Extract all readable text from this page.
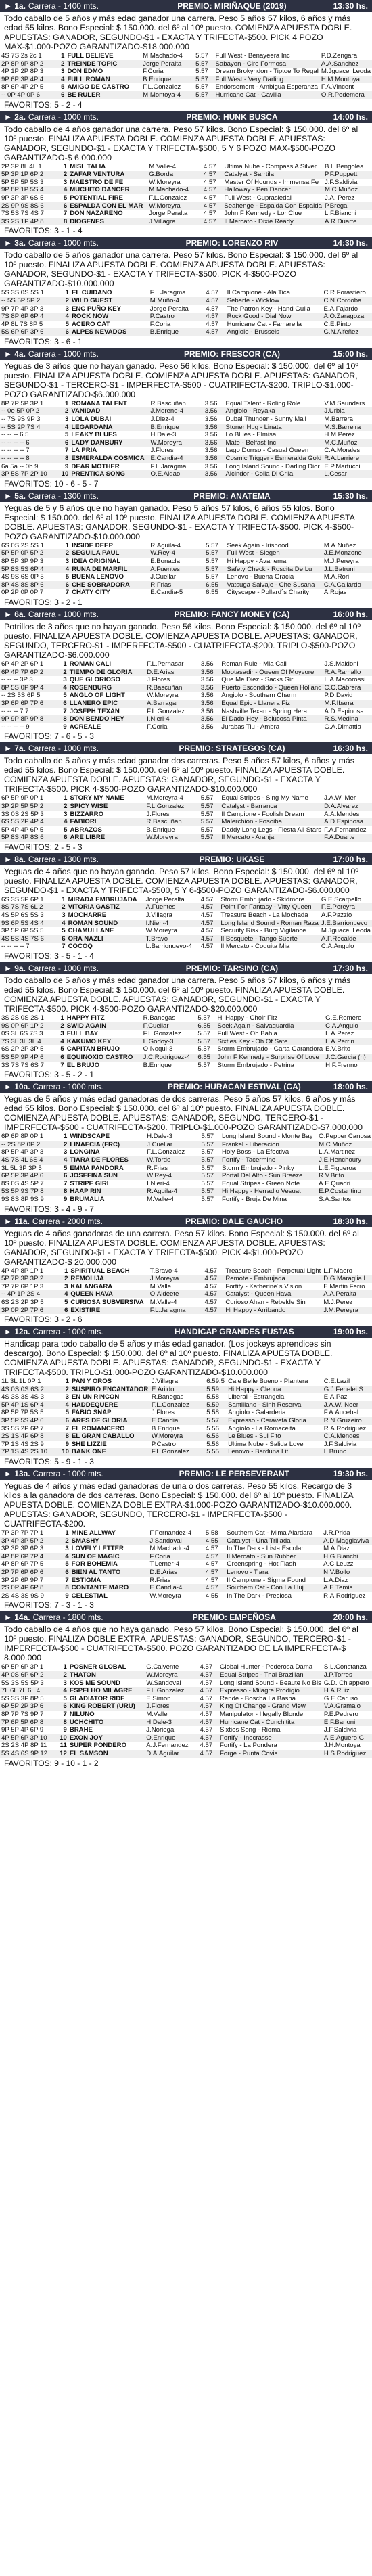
► 1a. Carrera - 1400 mts.	PREMIO: MIRIÑAQUE (2019)	13:30 hs.
Todo caballo de 5 años y más edad ganador una carrera. Peso 5 años 57 kilos, 6 años y más edad 55 kilos. Bono Especial: $ 150.000. del 6º al 10º puesto. COMIENZA APUESTA DOBLE. APUESTAS: GANADOR, SEGUNDO-$1 - EXACTA Y TRIFECTA-$500. PICK 4 POZO MAX-$1.000-POZO GARANTIZADO-$18.000.000
4S 7S 2s 2c 1	1	FULL BELIEVE	M.Machado-4	5.57	Full West - Benayeera Inc	P.D.Zengara
2P 8P 9P 8P 2	2	TREINDE TOPIC	Jorge Peralta	5.57	Sabayon - Cire Formosa	A.A.Sanchez
4P 1P 2P 8P 3	3	DON EDMO	F.Coria	5.57	Dream Brokyndon - Tiptoe To Regal	M.Jguacel Leoda
9P 6P 3P 4P 4	4	FULL ROMAN	B.Enrique	5.57	Full West - Very Darling	H.M.Montoya
8P 6P 4P 2P 5	5	AMIGO DE CASTRO	F.L.Gonzalez	5.57	Endorsement - Ambigua Esperanza	F.A.Vincent
-- 0P 4P 0P 6	6	BE RULER	M.Montoya-4	5.57	Hurricane Cat - Gavilla	O.R.Pedemera
FAVORITOS: 5 - 2 - 4
► 2a. Carrera - 1000 mts.	PREMIO: HUNK BUSCA	14:00 hs.
Todo caballo de 4 años ganador una carrera. Peso 57 kilos. Bono Especial: $ 150.000. del 6º al 10º puesto. FINALIZA APUESTA DOBLE. COMIENZA APUESTA DOBLE. APUESTAS: GANADOR, SEGUNDO-$1 - EXACTA Y TRIFECTA-$500, 5 Y 6 POZO MAX-$500-POZO GARANTIZADO-$ 6.000.000
2P 3P 8L 4L 1	1	MISL TALIA	M.Valle-4	4.57	Ultima Nube - Compass A Silver	B.L.Bengolea
5P 3P 1P 6P 2	2	ZAFAR VENTURA	G.Borda	4.57	Catalyst - Sarrtila	P.F.Puppetti
5P 5P 5P 5S 3	3	MAESTRO DE FE	W.Moreyra	4.57	Master Of Hounds - Immensa Fe	J.F.Saldivia
9P 8P 1P 5S 4	4	MUCHITO DANCER	M.Machado-4	4.57	Halloway - Pen Dancer	M.C.Muñoz
9P 3P 3P 6S 5	5	POTENTIAL FIRE	F.L.Gonzalez	4.57	Full West - Cuprasiedal	J.A. Perez
2S 9P 9S 8S 6	6	ESPALDA CON EL MAR	W.Moreyra	4.57	Seahenge - Espalda Con Espalda	P.Brega
7S 5S 7S 4S 7	7	DON NAZARENO	Jorge Peralta	4.57	John F Kennedy - Lor Clue	L.F.Bianchi
3S 2S 1P 4P 8	8	DIOGENES	J.Villagra	4.57	Il Mercato - Dixie Ready	A.R.Duarte
FAVORITOS: 3 - 1 - 4
► 3a. Carrera - 1000 mts.	PREMIO: LORENZO RIV	14:30 hs.
Todo caballo de 5 años ganador una carrera. Peso 57 kilos. Bono Especial: $ 150.000. del 6º al 10º puesto. FINALIZA APUESTA DOBLE. COMIENZA APUESTA DOBLE. APUESTAS: GANADOR, SEGUNDO-$1 - EXACTA Y TRIFECTA-$500. PICK 4-$500-POZO GARANTIZADO-$10.000.000
5S 3S 0S 5S 1	1	EL CUIDANO	F.L.Jaragma	4.57	Il Campione - Ala Tica	C.R.Forastiero
-- 5S 5P 5P 2	2	WILD GUEST	M.Muño-4	4.57	Sebarte - Wicklow	C.N.Cordoba
9P 7P 4P 3P 3	3	ENC PUÑO KEY	Jorge Peralta	4.57	The Patron Key - Hand Gulla	E.A.Fajardo
7S 8P 6P 6P 4	4	ROCK NOW	P.Castro	4.57	Rock Good - Dial Now	A.O.Zaragoza
4P 8L 7S 8P 5	5	ACERO CAT	F.Coria	4.57	Hurricane Cat - Famarella	C.E.Pinto
5S 6P 6P 3P 6	6	ALPES NEVADOS	B.Enrique	4.57	Angiolo - Brussels	G.N.Alfeñez
FAVORITOS: 3 - 6 - 1
► 4a. Carrera - 1000 mts.	PREMIO: FRESCOR (CA)	15:00 hs.
Yeguas de 3 años que no hayan ganado. Peso 56 kilos. Bono Especial: $ 150.000. del 6º al 10º puesto. FINALIZA APUESTA DOBLE. COMIENZA APUESTA DOBLE. APUESTAS: GANADOR, SEGUNDO-$1 - TERCERO-$1 - IMPERFECTA-$500 - CUATRIFECTA-$200. TRIPLO-$1.000-POZO GARANTIZADO-$6.000.000
8P 7P 5P 3P 1	1	ROMANA TALENT	R.Bascuñan	3.56	Equal Talent - Roling Role	V.M.Saunders
-- 0e 5P 0P 2	2	VANIDAD	J.Moreno-4	3.56	Angiolo - Reyaka	J.Urbia
-- 7S 9S 9P 3	3	LOLA DUBAI	J.Diez-4	3.56	Dubai Thunder - Sunny Mail	M.Barrera
-- 5S 2P 7S 4	4	LEGARDANA	B.Enrique	3.56	Stoner Hug - Linata	M.S.Barreira
-- -- -- 6 5	5	LEAKY BLUES	H.Dale-3	3.56	Lo Blues - Elmisa	H.M.Perez
-- -- -- -- 6	6	LADY DANBURY	W.Moreyra	3.56	Mate - Belfast Inc	M.C.Muñoz
-- -- -- -- 7	7	LA PRIA	J.Flores	3.56	Lago Dorrso - Casual Queen	C.A.Morales
-- -- -- -- 8	8	ESMERALDA COSMICA	E.Candia-4	3.56	Cosmic Trigger - Esmeralda Gold	R.A.Larriere
6a 5a -- 0b 9	9	DEAR MOTHER	F.L.Jaragma	3.56	Long Island Sound - Darling Dior	E.P.Martucci
3P 5S 7P 2P 10	10	PRENTICA SONG	O.E.Aldao	3.56	Alcindor - Colla Di Grila	L.Cesar
FAVORITOS: 10 - 6 - 5 - 7
► 5a. Carrera - 1300 mts.	PREMIO: ANATEMA	15:30 hs.
Yeguas de 5 y 6 años que no hayan ganado. Peso 5 años 57 kilos, 6 años 55 kilos. Bono Especial: $ 150.000. del 6º al 10º puesto. FINALIZA APUESTA DOBLE. COMIENZA APUESTA DOBLE. APUESTAS: GANADOR, SEGUNDO-$1 - EXACTA Y TRIFECTA-$500. PICK 4-$500-POZO GARANTIZADO-$10.000.000
6S 0S 2S 5S 1	1	INSIDE DEEP	R.Aguila-4	5.57	Seek Again - Irishood	M.A.Nuñez
5P 5P 0P 5P 2	2	SEGUILA PAUL	W.Rey-4	5.57	Full West - Siegen	J.E.Monzone
8P 5P 3P 9P 3	3	IDEA ORIGINAL	E.Bonacla	5.57	Hi Happy - Avanema	M.J.Pereyra
5P 8S 5S 6P 4	4	RUNA DE MARFIL	A.Fuentes	5.57	Safety Check - Roscita De Lu	J.L.Batruni
4S 9S 6S 0P 5	5	BUENA LENOVO	J.Cuellar	5.57	Lenovo - Buena Gracia	M.A.Rori
8P 4S 8S 8P 6	6	CHE SOBRADORA	R.Frias	6.55	Vatsuga Salvaje - Che Susana	C.A.Gallardo
0P 2P 0P 0P 7	7	CHATY CITY	E.Candia-5	6.55	Cityscape - Pollard´s Charity	A.Rojas
FAVORITOS: 3 - 2 - 1
► 6a. Carrera - 1000 mts.	PREMIO: FANCY MONEY (CA)	16:00 hs.
Potrillos de 3 años que no hayan ganado. Peso 56 kilos. Bono Especial: $ 150.000. del 6º al 10º puesto. FINALIZA APUESTA DOBLE. COMIENZA APUESTA DOBLE. APUESTAS: GANADOR, SEGUNDO, TERCERO-$1 - IMPERFECTA-$500 - CUATRIFECTA-$200. TRIPLO-$500-POZO GARANTIZADO-$6.000.000
6P 4P 2P 6P 1	1	ROMAN CALI	F.L.Pernasar	3.56	Roman Rule - Mia Cali	J.S.Maldoni
6P 4P 7P 6P 2	2	TIEMPO DE GLORIA	D.E.Arias	3.56	Mootasadir - Queen Of Moyvore	R.A.Ramallo
-- -- -- 3P 3	3	QUE GLORIOSO	J.Flores	3.56	Que Me Diez - Sacks Girl	L.A.Macorossi
8P 5S 0P 9P 4	4	ROSENBURG	R.Bascuñan	3.56	Puerto Escondido - Queen Holland	C.C.Cabrera
-- 2S 5S 6P 5	5	ANGLO OF LIGHT	W.Moreyra	3.56	Angiolo - Southern Charm	P.D.David
3P 6P 6P 7P 6	6	LLANERO EPIC	A.Barragan	3.56	Equal Epic - Llanera Fiz	M.F.Ibarra
-- -- -- 7 7	7	JOSEPH TEXAN	F.L.Gonzalez	3.56	Nashville Texan - Spring Hera	A.D.Espinosa
9P 9P 8P 9P 8	8	DON BENDO HEY	I.Nieri-4	3.56	El Dado Hey - Bolucosa Pinta	R.S.Medina
-- -- -- -- 9	9	ACREALE	F.Coria	3.56	Jurabas Tiu - Ambra	G.A.Dimattia
FAVORITOS: 7 - 6 - 5 - 3
► 7a. Carrera - 1000 mts.	PREMIO: STRATEGOS (CA)	16:30 hs.
Todo caballo de 5 años y más edad ganador dos carreras. Peso 5 años 57 kilos, 6 años y más edad 55 kilos. Bono Especial: $ 150.000. del 6º al 10º puesto. FINALIZA APUESTA DOBLE. COMIENZA APUESTA DOBLE. APUESTAS: GANADOR, SEGUNDO-$1 - EXACTA Y TRIFECTA-$500. PICK 4-$500-POZO GARANTIZADO-$10.000.000
6P 5P 9P 0P 1	1	STORY MY NAME	M.Moreyra-4	5.57	Equal Stripes - Sing My Name	J.A.W. Mer
3P 2P 5P 5P 2	2	SPICY WISE	F.L.Gonzalez	5.57	Catalyst - Barranca	D.A.Alvarez
3S 0S 2S 5P 3	3	BIZZARRO	J.Flores	5.57	Il Campione - Foolish Dream	A.A.Mendes
6S 5S 2P 4P 4	4	FABIORI	R.Bascuñan	5.57	Malerchion - Fosoiba	A.D.Espinosa
5P 4P 4P 6P 5	5	ABRAZOS	B.Enrique	5.57	Daddy Long Legs - Fiesta All Stars	F.A.Fernandez
5P 8S 4P 8S 6	6	ARE LIBRE	W.Moreyra	5.57	Il Mercato - Aranja	F.A.Duarte
FAVORITOS: 2 - 5 - 3
► 8a. Carrera - 1300 mts.	PREMIO: UKASE	17:00 hs.
Yeguas de 4 años que no hayan ganado. Peso 57 kilos. Bono Especial: $ 150.000. del 6º al 10º puesto. FINALIZA APUESTA DOBLE. COMIENZA APUESTA DOBLE. APUESTAS: GANADOR, SEGUNDO-$1 - EXACTA Y TRIFECTA-$500, 5 Y 6-$500-POZO GARANTIZADO-$6.000.000
6S 3S 5P 6P 1	1	MIRADA EMBRUJADA	Jorge Peralta	4.57	Storm Embrujado - Skidmore	G.E.Scarpello
8S 7S 7S 6L 2	2	VITORIA GASTIZ	A.Fuentes	4.57	Point For Fantasy - Vitty Queen	F.E.Pereyra
4S 5P 6S 5S 3	3	MOCHARRE	J.Villagra	4.57	Treasure Beach - La Mochada	A.F.Pazzio
9S 6P 5S 4S 4	4	ROMAN SOUND	I.Nieri-4	4.57	Long Island Sound - Roman Raza	J.E.Barrionuevo
3P 5P 6P 5S 5	5	CHAMULLANE	W.Moreyra	4.57	Security Risk - Burg Vigilance	M.Jguacel Leoda
4S 5S 4S 7S 6	6	ORA NAZLI	T.Bravo	4.57	Il Bosquete - Tango Suerte	A.F.Recalde
-- -- -- -- 7	7	COCOQ	L.Barrionuevo-4	4.57	Il Mercato - Coquita Mia	C.A.Angulo
FAVORITOS: 3 - 5 - 1 - 4
► 9a. Carrera - 1000 mts.	PREMIO: TARSINO (CA)	17:30 hs.
Todo caballo de 5 años y más edad ganador una carrera. Peso 5 años 57 kilos, 6 años y más edad 55 kilos. Bono Especial: $ 150.000. del 6º al 10º puesto. FINALIZA APUESTA DOBLE. COMIENZA APUESTA DOBLE. APUESTAS: GANADOR, SEGUNDO-$1 - EXACTA Y TRIFECTA-$500. PICK 4-$500-POZO GARANTIZADO-$20.000.000
3S 2S 0S 2S 1	1	HAPPY FITZ	R.Banegas	5.57	Hi Happy - Choir Fitz	G.E.Romero
9S 0P 6P 1P 2	2	SWID AGAIN	F.Cuellar	6.55	Seek Again - Salvaguardia	C.A.Angulo
0S 3L 6S 7S 3	3	FULL BAY	F.L.Gonzalez	5.57	Full West - Oh Bahia	L.A.Perez
7S 3L 3L 3L 4	4	KAKUMO KEY	L.Godoy-3	5.57	Sixties Key - Oh Of Sate	L.A.Perrin
6S 2P 2P 3P 5	5	CAPITAN BRUJO	O.Noqui-3	5.57	Storm Embrujado - Garta Garandora	E.V.Brito
5S 5P 9P 4P 6	6	EQUINOXIO CASTRO	J.C.Rodriguez-4	6.55	John F Kennedy - Surprise Of Love	J.C.Garcia (h)
3S 7S 7S 6S 7	7	EL BRUJO	B.Enrique	5.57	Storm Embrujado - Petrina	H.F.Frenno
FAVORITOS: 3 - 5 - 2 - 1
► 10a. Carrera - 1000 mts.	PREMIO: HURACAN ESTIVAL (CA)	18:00 hs.
Yeguas de 5 años y más edad ganadoras de dos carreras. Peso 5 años 57 kilos, 6 años y más edad 55 kilos. Bono Especial: $ 150.000. del 6º al 10º puesto. FINALIZA APUESTA DOBLE. COMIENZA APUESTA DOBLE. APUESTAS: GANADOR, SEGUNDO, TERCERO-$1 - IMPERFECTA-$500 - CUATRIFECTA-$200. TRIPLO-$1.000-POZO GARANTIZADO-$7.000.000
6P 6P 8P 0P 1	1	WINDSCAPE	H.Dale-3	5.57	Long Island Sound - Monte Bay	O.Pepper Canosa
-- 2S 8P 0P 2	2	LINAECIA (FRC)	J.Cuellar	5.57	Frankel - Liberacion	M.C.Muñoz
8P 5P 4P 3P 3	3	LONGINA	F.L.Gonzalez	5.57	Holy Boss - La Efectiva	L.A.Martinez
4S 7S 4L 6S 4	4	TIARA DE FLORES	W.Tordo	5.57	Fortify - Tacermine	J.E.Henchoury
3L 5L 3P 3P 5	5	EMMA PANDORA	R.Frias	5.57	Storm Embrujado - Pinky	L.E.Figueroa
6P 5P 3P 4P 6	6	JOSEFINA SUN	W.Rey-4	5.57	Portal Del Alto - Sun Breeze	R.V.Brito
8S 0S 4S 5P 7	7	STRIPE GIRL	I.Nieri-4	5.57	Equal Stripes - Green Note	A.E.Quadri
5S 5P 9S 7P 8	8	HAAP RIN	R.Aguila-4	5.57	Hi Happy - Herradio Vesuat	E.P.Costantino
9S 8S 8P 9S 9	9	BRUMALIA	M.Valle-4	5.57	Fortify - Bruja De Mina	S.A.Santos
FAVORITOS: 3 - 4 - 9 - 7
► 11a. Carrera - 2000 mts.	PREMIO: DALE GAUCHO	18:30 hs.
Yeguas de 4 años ganadoras de una carrera. Peso 57 kilos. Bono Especial: $ 150.000. del 6º al 10º puesto. FINALIZA APUESTA DOBLE. COMIENZA APUESTA DOBLE. APUESTAS: GANADOR, SEGUNDO-$1 - EXACTA Y TRIFECTA-$500. PICK 4-$1.000-POZO GARANTIZADO-$ 20.000.000
4P 4P 8P 1P 1	1	SPIRITUAL BEACH	T.Bravo-4	4.57	Treasure Beach - Perpetual Light	L.F.Maero
5P 7P 3P 3P 2	2	REMOLIJA	J.Moreyra	4.57	Remote - Embrujada	D.G.Maraglia L.
7P 7P 6P 1P 3	3	KALANGARA	M.Valle	4.57	Fortify - Katherine´s Vision	E.Martin Ferro
-- 4P 1P 2S 4	4	QUEEN HAVA	O.Aldeete	4.57	Catalyst - Queen Hava	A.A.Peralta
6S 2S 2P 3P 5	5	CURIOSA SUBVERSIVA	M.Valle-4	4.57	Curioso Ahan - Rebelde Sin	M.J.Perez
3P 0P 2P 7P 6	6	EXISTIRE	F.L.Jaragma	4.57	Hi Happy - Arribando	J.M.Pereyra
FAVORITOS: 3 - 2 - 6
► 12a. Carrera - 1000 mts.	HANDICAP GRANDES FUSTAS	19:00 hs.
Handicap para todo caballo de 5 años y más edad ganador. (Los jockeys aprendices sin descargo). Bono Especial: $ 150.000. del 6º al 10º puesto. FINALIZA APUESTA DOBLE. COMIENZA APUESTA DOBLE. APUESTAS: GANADOR, SEGUNDO-$1 - EXACTA Y TRIFECTA-$500. TRIPLO-$1.000-POZO GARANTIZADO-$10.000.000
1L 3L 1L 0P 1	1	PAN Y OROS	J.Villagra	6.59.5	Cale Belle Bueno - Plantera	C.E.Lazil
4S 0S 0S 6S 2	2	SUSPIRO ENCANTADOR	E.Ariido	5.59	Hi Happy - Cleona	G.J.Fenelei S.
4S 3S 3S 4S 3	3	EN UN RINCON	R.Banegas	5.58	Liberal - Estrangela	E.A.Paz
5P 4P 1S 6P 4	4	HADDEQUERE	F.L.Gonzalez	5.59	Santillano - Sinh Reserva	J.A.W. Neer
8P 5P 7P 5S 5	5	FABIO SNAP	J.Flores	5.58	Angiolo - Galarderia	F.A.Aucebal
3P 5P 5S 4P 6	6	ARES DE GLORIA	E.Candia	5.57	Expresso - Ceraveta Gloria	R.N.Gruzeiro
3S 5S 2P 6P 7	7	EL ROMANCERO	B.Enrique	5.56	Angiolo - La Romaceita	R.A.Rodriguez
2S 1S 4P 6P 8	8	EL GRAN CABALLO	W.Moreyra	6.56	Le Blues - Sul Fito	C.A.Mendes
7P 1S 4S 2S 9	9	SHE LIZZIE	P.Castro	5.56	Ultima Nube - Salida Love	J.F.Saldivia
7P 1S 4S 2S 10	10	BANK ONE	F.L.Gonzalez	5.55	Lenovo - Barduna Lit	L.Bruno
FAVORITOS: 5 - 9 - 1 - 3
► 13a. Carrera - 1000 mts.	PREMIO: LE PERSEVERANT	19:30 hs.
Yeguas de 4 años y más edad ganadoras de una o dos carreras. Peso 55 kilos. Recargo de 3 kilos a la ganadora de dos carreras. Bono Especial: $ 150.000. del 6º al 10º puesto. FINALIZA APUESTA DOBLE. COMIENZA DOBLE EXTRA-$1.000-POZO GARANTIZADO-$10.000.000. APUESTAS: GANADOR, SEGUNDO, TERCERO-$1 - IMPERFECTA-$500 - CUATRIFECTA-$200.
7P 3P 7P 7P 1	1	MINE ALLWAY	F.Fernandez-4	5.58	Southern Cat - Mima Alardara	J.R.Prida
3P 4P 3P 5P 2	2	SMASHY	J.Sandoval	4.55	Catalyst - Una Trillada	A.D.Maggiaviva
3P 3P 3P 6P 3	3	LOVELY LETTER	M.Machado-4	4.57	In The Dark - Lista Escolar	M.A.Diaz
4P 8P 6P 7P 4	4	SUN OF MAGIC	F.Coria	4.57	Il Mercato - Sun Rubber	H.G.Bianchi
4P 8P 6P 7P 5	5	FOR BOHEMIA	T.Lerner-4	4.57	Greenspring - Hot Flash	A.C.Leuzzi
2P 7P 6P 6P 6	6	BIEN AL TANTO	D.E.Arias	4.57	Lenovo - Tiara	N.V.Bollo
3P 2P 6P 9P 7	7	ESTIGMA	R.Frias	4.57	Il Campione - Sigma Found	L.A.Diaz
2S 0P 4P 6P 8	8	CONTANTE MARO	E.Candia-4	4.57	Southern Cat - Con La Lluj	A.E.Temis
2S 4S 3S 9S 9	9	CELESTIAL	W.Moreyra	4.55	In The Dark - Preciosa	R.A.Rodriguez
FAVORITOS: 7 - 3 - 1 - 3
► 14a. Carrera - 1800 mts.	PREMIO: EMPEÑOSA	20:00 hs.
Todo caballo de 4 años que no haya ganado. Peso 57 kilos. Bono Especial: $ 150.000. del 6º al 10º puesto. FINALIZA DOBLE EXTRA. APUESTAS: GANADOR, SEGUNDO, TERCERO-$1 - IMPERFECTA-$500 - CUATRIFECTA-$500. POZO GARANTIZADO DE LA IMPERFECTA-$ 8.000.000
6P 5P 6P 3P 1	1	POSNER GLOBAL	G.Calvente	4.57	Global Hunter - Poderosa Dama	S.L.Constanza
4P 0S 6P 6P 2	2	THATON	W.Moreyra	4.57	Equal Stripes - Thai Brazilian	J.P.Torres
5S 3S 5S 5P 3	3	KOS ME SOUND	W.Sandoval	4.57	Long Island Sound - Beaute No Bis	G.D. Chiappero
7L 6L 7L 6L 4	4	ESPELHO MILAGRE	F.L.Gonzalez	4.57	Expresso - Milagre Prodigio	H.A.Ruiz
5S 3S 3P 8P 5	5	GLADIATOR RIDE	E.Simon	4.57	Rende - Boscha La Basha	G.E.Caruso
6P 5P 2P 3P 6	6	KING ROBERT (URU)	J.Flores	4.57	King Of Change - Grand View	V.A.Gramajo
8P 7P 7S 9P 7	7	NILUNO	M.Valle	4.57	Manipulator - Illegally Blonde	P.E.Pedrero
7P 6P 5P 6P 8	8	UCHCHITO	H.Dale-3	4.57	Hurricane Cat - Cunchitita	E.F.Barioni
9P 5P 4P 6P 9	9	BRAHE	J.Noriega	4.57	Sixties Song - Rioma	J.F.Saldivia
4P 5P 6P 3P 10	10	EXON JOY	O.Enrique	4.57	Fortify - Inocrasse	A.E.Aguero G.
2S 2S 4P 8P 11	11	SUPER PONDERO	A.J.Fernandez	4.57	Fortify - La Pondera	J.H.Montoya
5S 4S 6S 9P 12	12	EL SAMSON	D.A.Aguilar	4.57	Forge - Punta Covis	H.S.Rodriguez
FAVORITOS: 9 - 10 - 1 - 2
